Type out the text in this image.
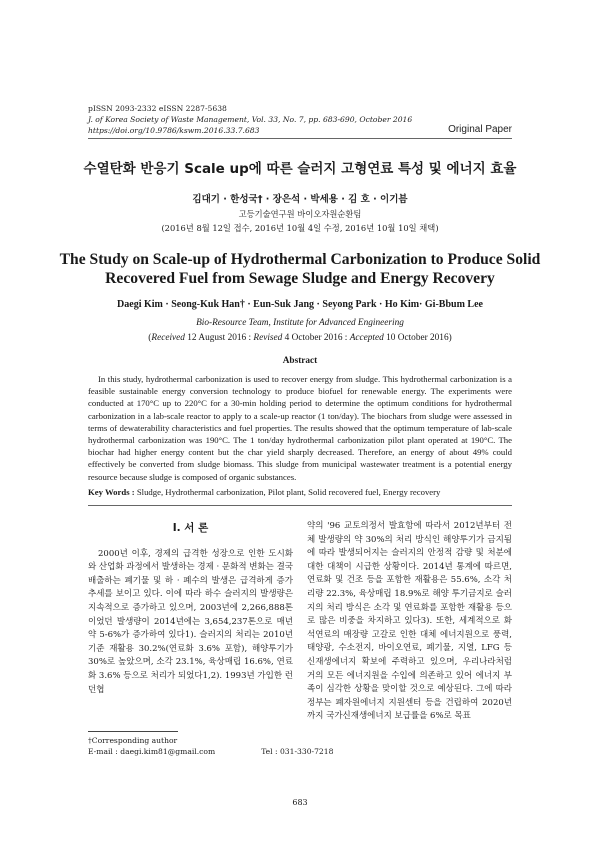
pISSN 2093-2332 eISSN 2287-5638
J. of Korea Society of Waste Management, Vol. 33, No. 7, pp. 683-690, October 2016
https://doi.org/10.9786/kswm.2016.33.7.683	Original Paper
수열탄화 반응기 Scale up에 따른 슬러지 고형연료 특성 및 에너지 효율
김대기 · 한성국† · 장은석 · 박세용 · 김 호 · 이기븜
고등기술연구원 바이오자원순환팀
(2016년 8월 12일 접수, 2016년 10월 4일 수정, 2016년 10월 10일 채택)
The Study on Scale-up of Hydrothermal Carbonization to Produce Solid
Recovered Fuel from Sewage Sludge and Energy Recovery
Daegi Kim · Seong-Kuk Han† · Eun-Suk Jang · Seyong Park · Ho Kim· Gi-Bbum Lee
Bio-Resource Team, Institute for Advanced Engineering
(Received 12 August 2016 : Revised 4 October 2016 : Accepted 10 October 2016)
Abstract
In this study, hydrothermal carbonization is used to recover energy from sludge. This hydrothermal carbonization is a feasible sustainable energy conversion technology to produce biofuel for renewable energy. The experiments were conducted at 170°C up to 220°C for a 30-min holding period to determine the optimum conditions for hydrothermal carbonization in a lab-scale reactor to apply to a scale-up reactor (1 ton/day). The biochars from sludge were assessed in terms of dewaterability characteristics and fuel properties. The results showed that the optimum temperature of lab-scale hydrothermal carbonization was 190°C. The 1 ton/day hydrothermal carbonization pilot plant operated at 190°C. The biochar had higher energy content but the char yield sharply decreased. Therefore, an energy of about 49% could effectively be converted from sludge biomass. This sludge from municipal wastewater treatment is a potential energy resource because sludge is composed of organic substances.
Key Words : Sludge, Hydrothermal carbonization, Pilot plant, Solid recovered fuel, Energy recovery
I. 서 론
2000년 이후, 경제의 급격한 성장으로 인한 도시화와 산업화 과정에서 발생하는 경제 · 문화적 변화는 결국 배출하는 폐기물 및 하 · 폐수의 발생은 급격하게 증가 추세를 보이고 있다. 이에 따라 하수 슬러지의 발생량은 지속적으로 증가하고 있으며, 2003년에 2,266,888톤이었던 발생량이 2014년에는 3,654,237톤으로 매년 약 5-6%가 증가하여 있다1). 슬러지의 처리는 2010년 기준 재활용 30.2%(연료화 3.6% 포함), 해양투기가 30%로 높았으며, 소각 23.1%, 육상매립 16.6%, 연료화 3.6% 등으로 처리가 되었다1,2). 1993년 가입한 런던협
약의 '96 교토의정서 발효함에 따라서 2012년부터 전체 발생량의 약 30%의 처리 방식인 해양투기가 금지됨에 따라 발생되어지는 슬러지의 안정적 감량 및 처분에 대한 대책이 시급한 상황이다. 2014년 통계에 따르면, 연료화 및 건조 등을 포함한 재활용은 55.6%, 소각 처리량 22.3%, 육상매립 18.9%로 해양 투기금지로 슬러지의 처리 방식은 소각 및 연료화를 포함한 재활용 등으로 많은 비중을 차지하고 있다3). 또한, 세계적으로 화석연료의 매장량 고갈로 인한 대체 에너지원으로 풍력, 태양광, 수소전지, 바이오연료, 폐기물, 지열, LFG 등 신재생에너지 확보에 주력하고 있으며, 우리나라처럼 거의 모든 에너지원을 수입에 의존하고 있어 에너지 부족이 심각한 상황을 맞이할 것으로 예상된다. 그에 따라 정부는 폐자원에너지 지원센터 등을 건립하여 2020년까지 국가신재생에너지 보급률을 6%로 목표
†Corresponding author
E-mail : daegi.kim81@gmail.com	Tel : 031-330-7218
683
